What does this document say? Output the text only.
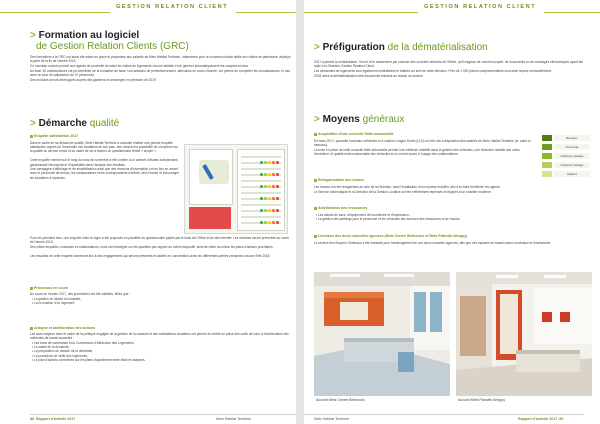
GESTION RELATION CLIENT
> Formation au logiciel
de Gestion Relation Clients (GRC)

Des formations à la GRC ont aussi été mises en place et proposées aux salariés de Metz Habitat Territoire, notamment pour le nouveau module dédié aux visites de patrimoine, déployé à partir de la fin de l'année 2016.

Ce nouveau module permet aux agents de proximité de saisir les visites de logements via une tablette et de générer automatiquement les comptes rendus.

Au total, 52 collaborateurs ont pu bénéficier de la formation de base. Les sessions de perfectionnement, attendues en cours d'année, ont permis de compléter les connaissances, le tout avec un taux de satisfaction de 70 personnes.

Des modules seront développés auprès des gardiens et concierges en prévision de 2019.

> Démarche qualité
Enquête satisfaction 2017

Dans le cadre de sa démarche qualité, Metz Habitat Territoire a souhaité réaliser une grande enquête satisfaction auprès de l'ensemble des locataires de son parc, leur donnant la possibilité de s'exprimer sur la qualité du service rendu et du cadre de vie à travers un questionnaire fermé « simple ».

Cette enquête menée tout le long du mois de novembre a été confiée à un cabinet d'études indépendant, garantissant l'anonymat et l'impartialité dans l'analyse des résultats.

Une campagne d'affichage et de sensibilisation ainsi que des réunions d'information ont eu lieu en amont avec le personnel de terrain, les collaborateurs et les correspondants d'entrée, afin d'inciter et encourager les locataires à répondre.

Pour les premiers tous, une enquête mise en ligne a été proposée en parallèle du questionnaire papier par le biais de l'Office et du site internet. Les résultats seront présentés au cours de l'année 2018.

Des cibles enquêtes, locataires et collaborateurs, nous ont renseigné sur les quartiers par rapport au même dispositif, ainsi de cibler au mieux les plans d'actions prioritaires.

Les résultats de cette enquête donneront lieu à des engagements qui seront présentés et validés en concertation avec les différentes parties prenantes courant l'été 2018.

Processus en cours

Au cours de l'année 2017, des procédures ont été validées, telles que :

• La gestion du départ du locataire,

• La re-location d'un logement.

Analyse et amélioration des actions

Les axes majeurs dans le cadre de la politique engagée de la gestion de la vacance et des sollicitations locataires ont permis de mettre en place des outils de suivi, à l'amélioration des méthodes de travail suivantes :

• Les bons de commande et la Commission d'Attribution des Logements,

• La saisie de la demande,

• La préparation du dossier de la demande,

• La procédure de visite des logements,

• Le plan d'actions correctives sur les plans d'ajustement entre bilan et analyses.

88 Rapport d'activité 2017	Metz Habitat Territoire
GESTION RELATION CLIENT
> Préfiguration de la dématérialisation

2017 a permis la centralisation, l'envoi et le classement par scanner des courriers entrants de l'Office, qu'il s'agisse de courriers papier, de documents ou de messages électroniques ayant fait suite à la Direction Gestion Relation Client.

Les demandes de logements sont également centralisées et traitées au sein de cette direction. Près de 1 000 pièces complémentaires sont ainsi reçues mensuellement.

2018 verra la dématérialisation des documents entrants au niveau du service.

> Moyens généraux
Acquisition d'une nouvelle flotte automobile

En mars 2017, quarante nouveaux véhicules en Location Longue Durée (LLD) ont été mis à disposition des salariés de Metz Habitat Territoire (cf. carte ci-dessous).

La mise en place de cette nouvelle flotte automobile permet une meilleure visibilité dans la gestion des véhicules, une réduction notable des coûts d'entretien, et qualité environnementale des véhicules et un confort accru à l'usage des collaborateurs.

Bureaux
Proximité
Intérieur/ partage
Intérieur/ partage
Ateliers
Réorganisation des locaux

Les travaux ont été réorganisés au sein de la Direction, avec l'installation d'un nouveau mobilier, afin d'en faire bénéficier les agents.

Le Service Informatique et la Direction de la Gestion Locative ont été entièrement repensés et équipés d'un mobilier moderne.

Amélioration des ressources

• Les achats de sacs, d'équipement de fournitures et d'impression ;

• La gestion des parkings pour le personnel et les véhicules des services des ressources et de l'accès.

Livraison des deux nouvelles agences (Metz Centre Bellecroix et Metz Patrotte-Woippy)

Le service des Moyens Généraux a été mandaté pour l'aménagement de ces deux nouvelles agences, afin que ces espaces de travail soient conviviaux et fonctionnels.

Accueil Metz Centre Bellecroix	Accueil Metz Patrotte-Woippy
Metz Habitat Territoire	Rapport d'activité 2017 89
